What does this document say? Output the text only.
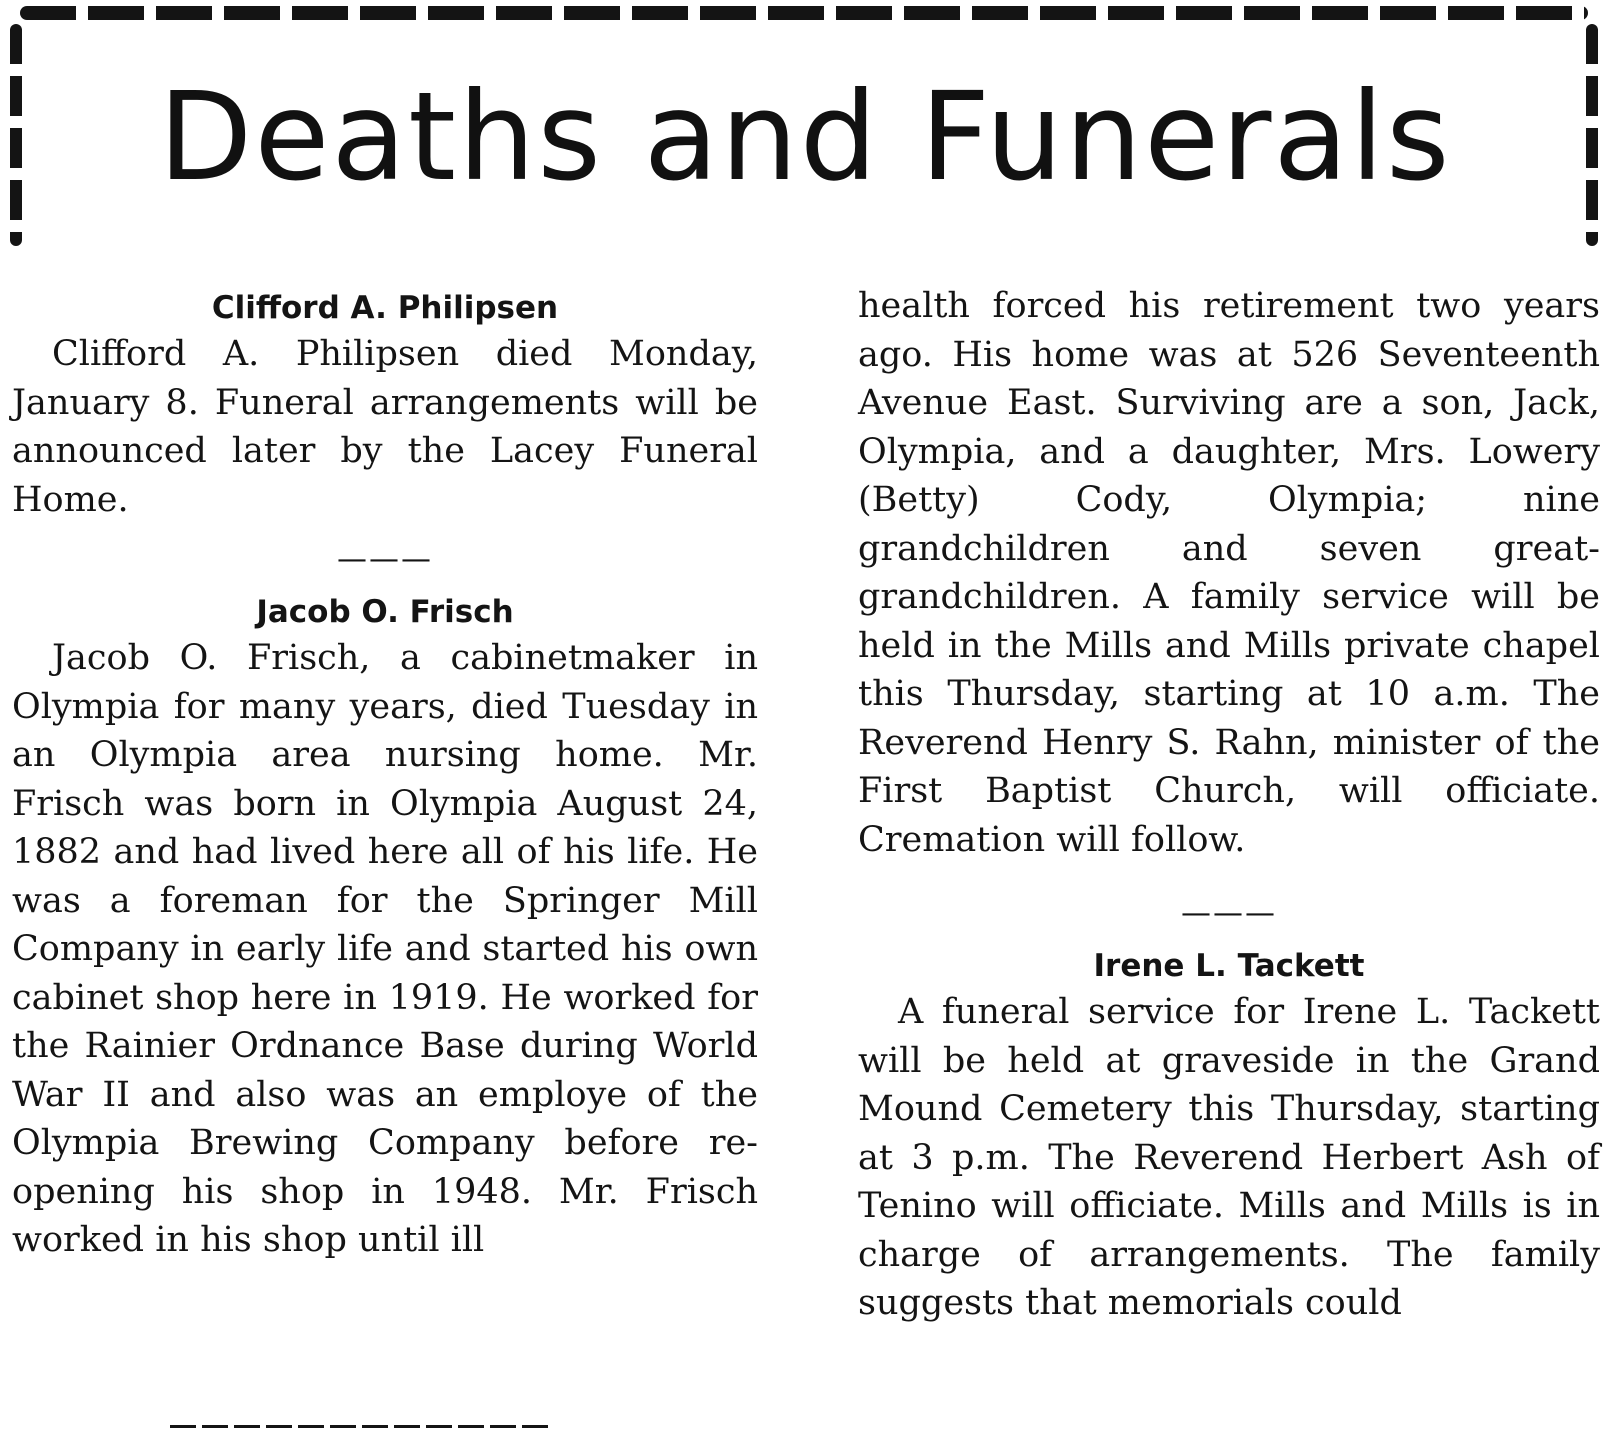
Deaths and Funerals
Clifford A. Philipsen

Clifford A. Philipsen died Monday, January 8. Funeral arrangements will be announced later by the Lacey Funeral Home.

———
Jacob O. Frisch

Jacob O. Frisch, a cabinetmaker in Olympia for many years, died Tuesday in an Olympia area nursing home. Mr. Frisch was born in Olympia August 24, 1882 and had lived here all of his life. He was a foreman for the Springer Mill Company in early life and started his own cabinet shop here in 1919. He worked for the Rainier Ordnance Base during World War II and also was an employe of the Olympia Brewing Company before re-opening his shop in 1948. Mr. Frisch worked in his shop until ill

health forced his retirement two years ago. His home was at 526 Seventeenth Avenue East. Surviving are a son, Jack, Olympia, and a daughter, Mrs. Lowery (Betty) Cody, Olympia; nine grandchildren and seven great-grandchildren. A family service will be held in the Mills and Mills private chapel this Thursday, starting at 10 a.m. The Reverend Henry S. Rahn, minister of the First Baptist Church, will officiate. Cremation will follow.

———
Irene L. Tackett

A funeral service for Irene L. Tackett will be held at graveside in the Grand Mound Cemetery this Thursday, starting at 3 p.m. The Reverend Herbert Ash of Tenino will officiate. Mills and Mills is in charge of arrangements. The family suggests that memorials could
